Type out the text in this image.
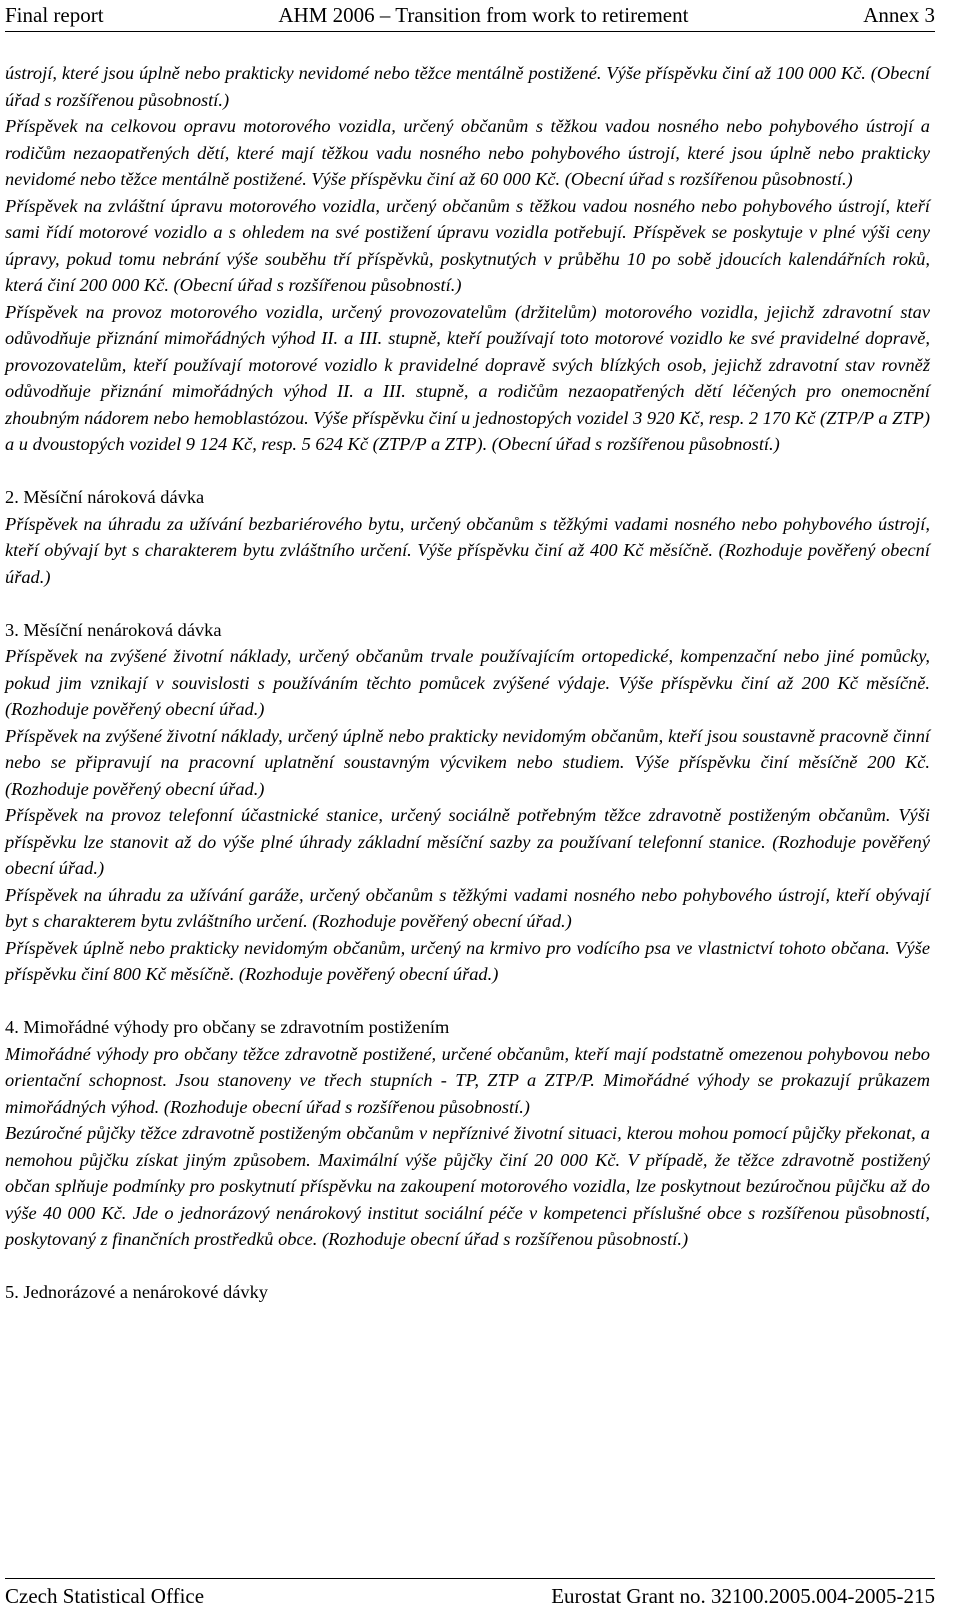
Final report	AHM 2006 – Transition from work to retirement	Annex 3

ústrojí, které jsou úplně nebo prakticky nevidomé nebo těžce mentálně postižené. Výše příspěvku činí až 100 000 Kč. (Obecní úřad s rozšířenou působností.)

Příspěvek na celkovou opravu motorového vozidla, určený občanům s těžkou vadou nosného nebo pohybového ústrojí a rodičům nezaopatřených dětí, které mají těžkou vadu nosného nebo pohybového ústrojí, které jsou úplně nebo prakticky nevidomé nebo těžce mentálně postižené. Výše příspěvku činí až 60 000 Kč. (Obecní úřad s rozšířenou působností.)

Příspěvek na zvláštní úpravu motorového vozidla, určený občanům s těžkou vadou nosného nebo pohybového ústrojí, kteří sami řídí motorové vozidlo a s ohledem na své postižení úpravu vozidla potřebují. Příspěvek se poskytuje v plné výši ceny úpravy, pokud tomu nebrání výše souběhu tří příspěvků, poskytnutých v průběhu 10 po sobě jdoucích kalendářních roků, která činí 200 000 Kč. (Obecní úřad s rozšířenou působností.)

Příspěvek na provoz motorového vozidla, určený provozovatelům (držitelům) motorového vozidla, jejichž zdravotní stav odůvodňuje přiznání mimořádných výhod II. a III. stupně, kteří používají toto motorové vozidlo ke své pravidelné dopravě, provozovatelům, kteří používají motorové vozidlo k pravidelné dopravě svých blízkých osob, jejichž zdravotní stav rovněž odůvodňuje přiznání mimořádných výhod II. a III. stupně, a rodičům nezaopatřených dětí léčených pro onemocnění zhoubným nádorem nebo hemoblastózou. Výše příspěvku činí u jednostopých vozidel 3 920 Kč, resp. 2 170 Kč (ZTP/P a ZTP) a u dvoustopých vozidel 9 124 Kč, resp. 5 624 Kč (ZTP/P a ZTP). (Obecní úřad s rozšířenou působností.)

2. Měsíční nároková dávka

Příspěvek na úhradu za užívání bezbariérového bytu, určený občanům s těžkými vadami nosného nebo pohybového ústrojí, kteří obývají byt s charakterem bytu zvláštního určení. Výše příspěvku činí až 400 Kč měsíčně. (Rozhoduje pověřený obecní úřad.)

3. Měsíční nenároková dávka

Příspěvek na zvýšené životní náklady, určený občanům trvale používajícím ortopedické, kompenzační nebo jiné pomůcky, pokud jim vznikají v souvislosti s používáním těchto pomůcek zvýšené výdaje. Výše příspěvku činí až 200 Kč měsíčně. (Rozhoduje pověřený obecní úřad.)

Příspěvek na zvýšené životní náklady, určený úplně nebo prakticky nevidomým občanům, kteří jsou soustavně pracovně činní nebo se připravují na pracovní uplatnění soustavným výcvikem nebo studiem. Výše příspěvku činí měsíčně 200 Kč. (Rozhoduje pověřený obecní úřad.)

Příspěvek na provoz telefonní účastnické stanice, určený sociálně potřebným těžce zdravotně postiženým občanům. Výši příspěvku lze stanovit až do výše plné úhrady základní měsíční sazby za používaní telefonní stanice. (Rozhoduje pověřený obecní úřad.)

Příspěvek na úhradu za užívání garáže, určený občanům s těžkými vadami nosného nebo pohybového ústrojí, kteří obývají byt s charakterem bytu zvláštního určení. (Rozhoduje pověřený obecní úřad.)

Příspěvek úplně nebo prakticky nevidomým občanům, určený na krmivo pro vodícího psa ve vlastnictví tohoto občana. Výše příspěvku činí 800 Kč měsíčně. (Rozhoduje pověřený obecní úřad.)

4. Mimořádné výhody pro občany se zdravotním postižením

Mimořádné výhody pro občany těžce zdravotně postižené, určené občanům, kteří mají podstatně omezenou pohybovou nebo orientační schopnost. Jsou stanoveny ve třech stupních - TP, ZTP a ZTP/P. Mimořádné výhody se prokazují průkazem mimořádných výhod. (Rozhoduje obecní úřad s rozšířenou působností.)

Bezúročné půjčky těžce zdravotně postiženým občanům v nepříznivé životní situaci, kterou mohou pomocí půjčky překonat, a nemohou půjčku získat jiným způsobem. Maximální výše půjčky činí 20 000 Kč. V případě, že těžce zdravotně postižený občan splňuje podmínky pro poskytnutí příspěvku na zakoupení motorového vozidla, lze poskytnout bezúročnou půjčku až do výše 40 000 Kč. Jde o jednorázový nenárokový institut sociální péče v kompetenci příslušné obce s rozšířenou působností, poskytovaný z finančních prostředků obce. (Rozhoduje obecní úřad s rozšířenou působností.)

5. Jednorázové a nenárokové dávky

Czech Statistical Office	Eurostat Grant no. 32100.2005.004-2005-215
